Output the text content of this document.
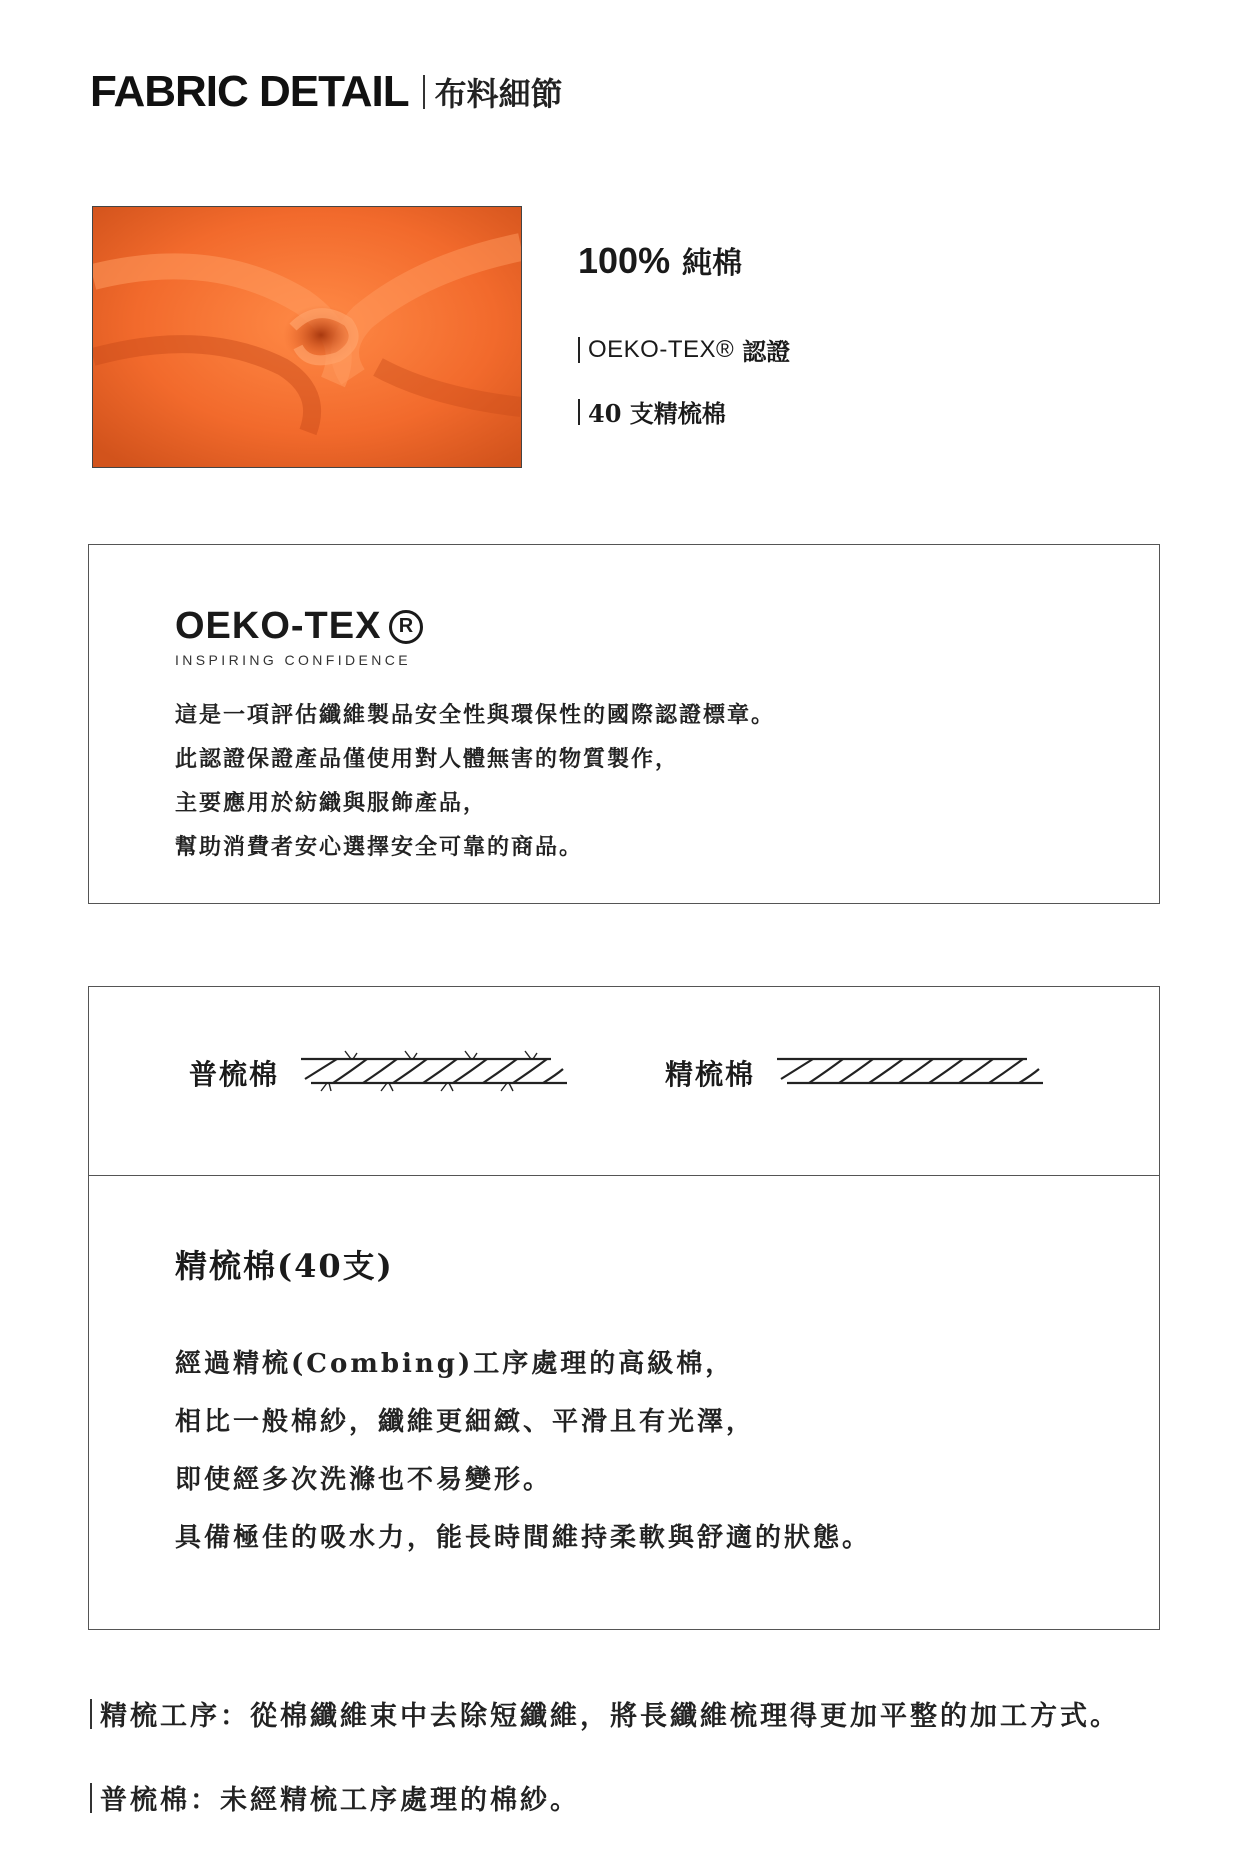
FABRIC DETAIL 布料細節
100% 純棉
OEKO-TEX® 認證
40 支精梳棉
OEKO-TEX R
INSPIRING CONFIDENCE
這是一項評估纖維製品安全性與環保性的國際認證標章。
此認證保證產品僅使用對人體無害的物質製作，
主要應用於紡織與服飾產品，
幫助消費者安心選擇安全可靠的商品。
普梳棉	精梳棉
精梳棉(40支)
經過精梳(Combing)工序處理的高級棉，
相比一般棉紗，纖維更細緻、平滑且有光澤，
即使經多次洗滌也不易變形。
具備極佳的吸水力，能長時間維持柔軟與舒適的狀態。
精梳工序：從棉纖維束中去除短纖維，將長纖維梳理得更加平整的加工方式。
普梳棉：未經精梳工序處理的棉紗。
